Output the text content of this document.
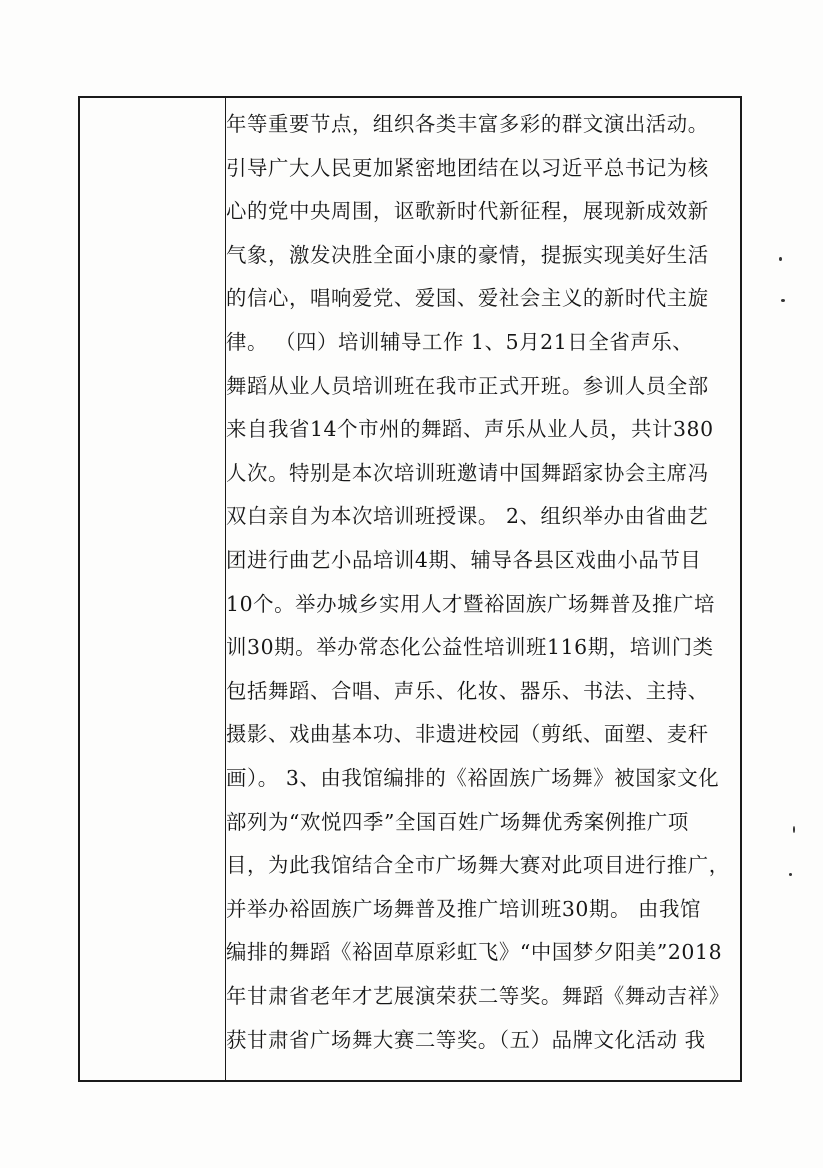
年等重要节点，组织各类丰富多彩的群文演出活动。
引导广大人民更加紧密地团结在以习近平总书记为核
心的党中央周围，讴歌新时代新征程，展现新成效新
气象，激发决胜全面小康的豪情，提振实现美好生活
的信心，唱响爱党、爱国、爱社会主义的新时代主旋
律。 （四）培训辅导工作 1、5月21日全省声乐、
舞蹈从业人员培训班在我市正式开班。参训人员全部
来自我省14个市州的舞蹈、声乐从业人员，共计380
人次。特别是本次培训班邀请中国舞蹈家协会主席冯
双白亲自为本次培训班授课。 2、组织举办由省曲艺
团进行曲艺小品培训4期、辅导各县区戏曲小品节目
10个。举办城乡实用人才暨裕固族广场舞普及推广培
训30期。举办常态化公益性培训班116期，培训门类
包括舞蹈、合唱、声乐、化妆、器乐、书法、主持、
摄影、戏曲基本功、非遗进校园（剪纸、面塑、麦秆
画）。 3、由我馆编排的《裕固族广场舞》被国家文化
部列为“欢悦四季”全国百姓广场舞优秀案例推广项
目，为此我馆结合全市广场舞大赛对此项目进行推广，
并举办裕固族广场舞普及推广培训班30期。 由我馆
编排的舞蹈《裕固草原彩虹飞》“中国梦夕阳美”2018
年甘肃省老年才艺展演荣获二等奖。舞蹈《舞动吉祥》
获甘肃省广场舞大赛二等奖。（五）品牌文化活动 我
